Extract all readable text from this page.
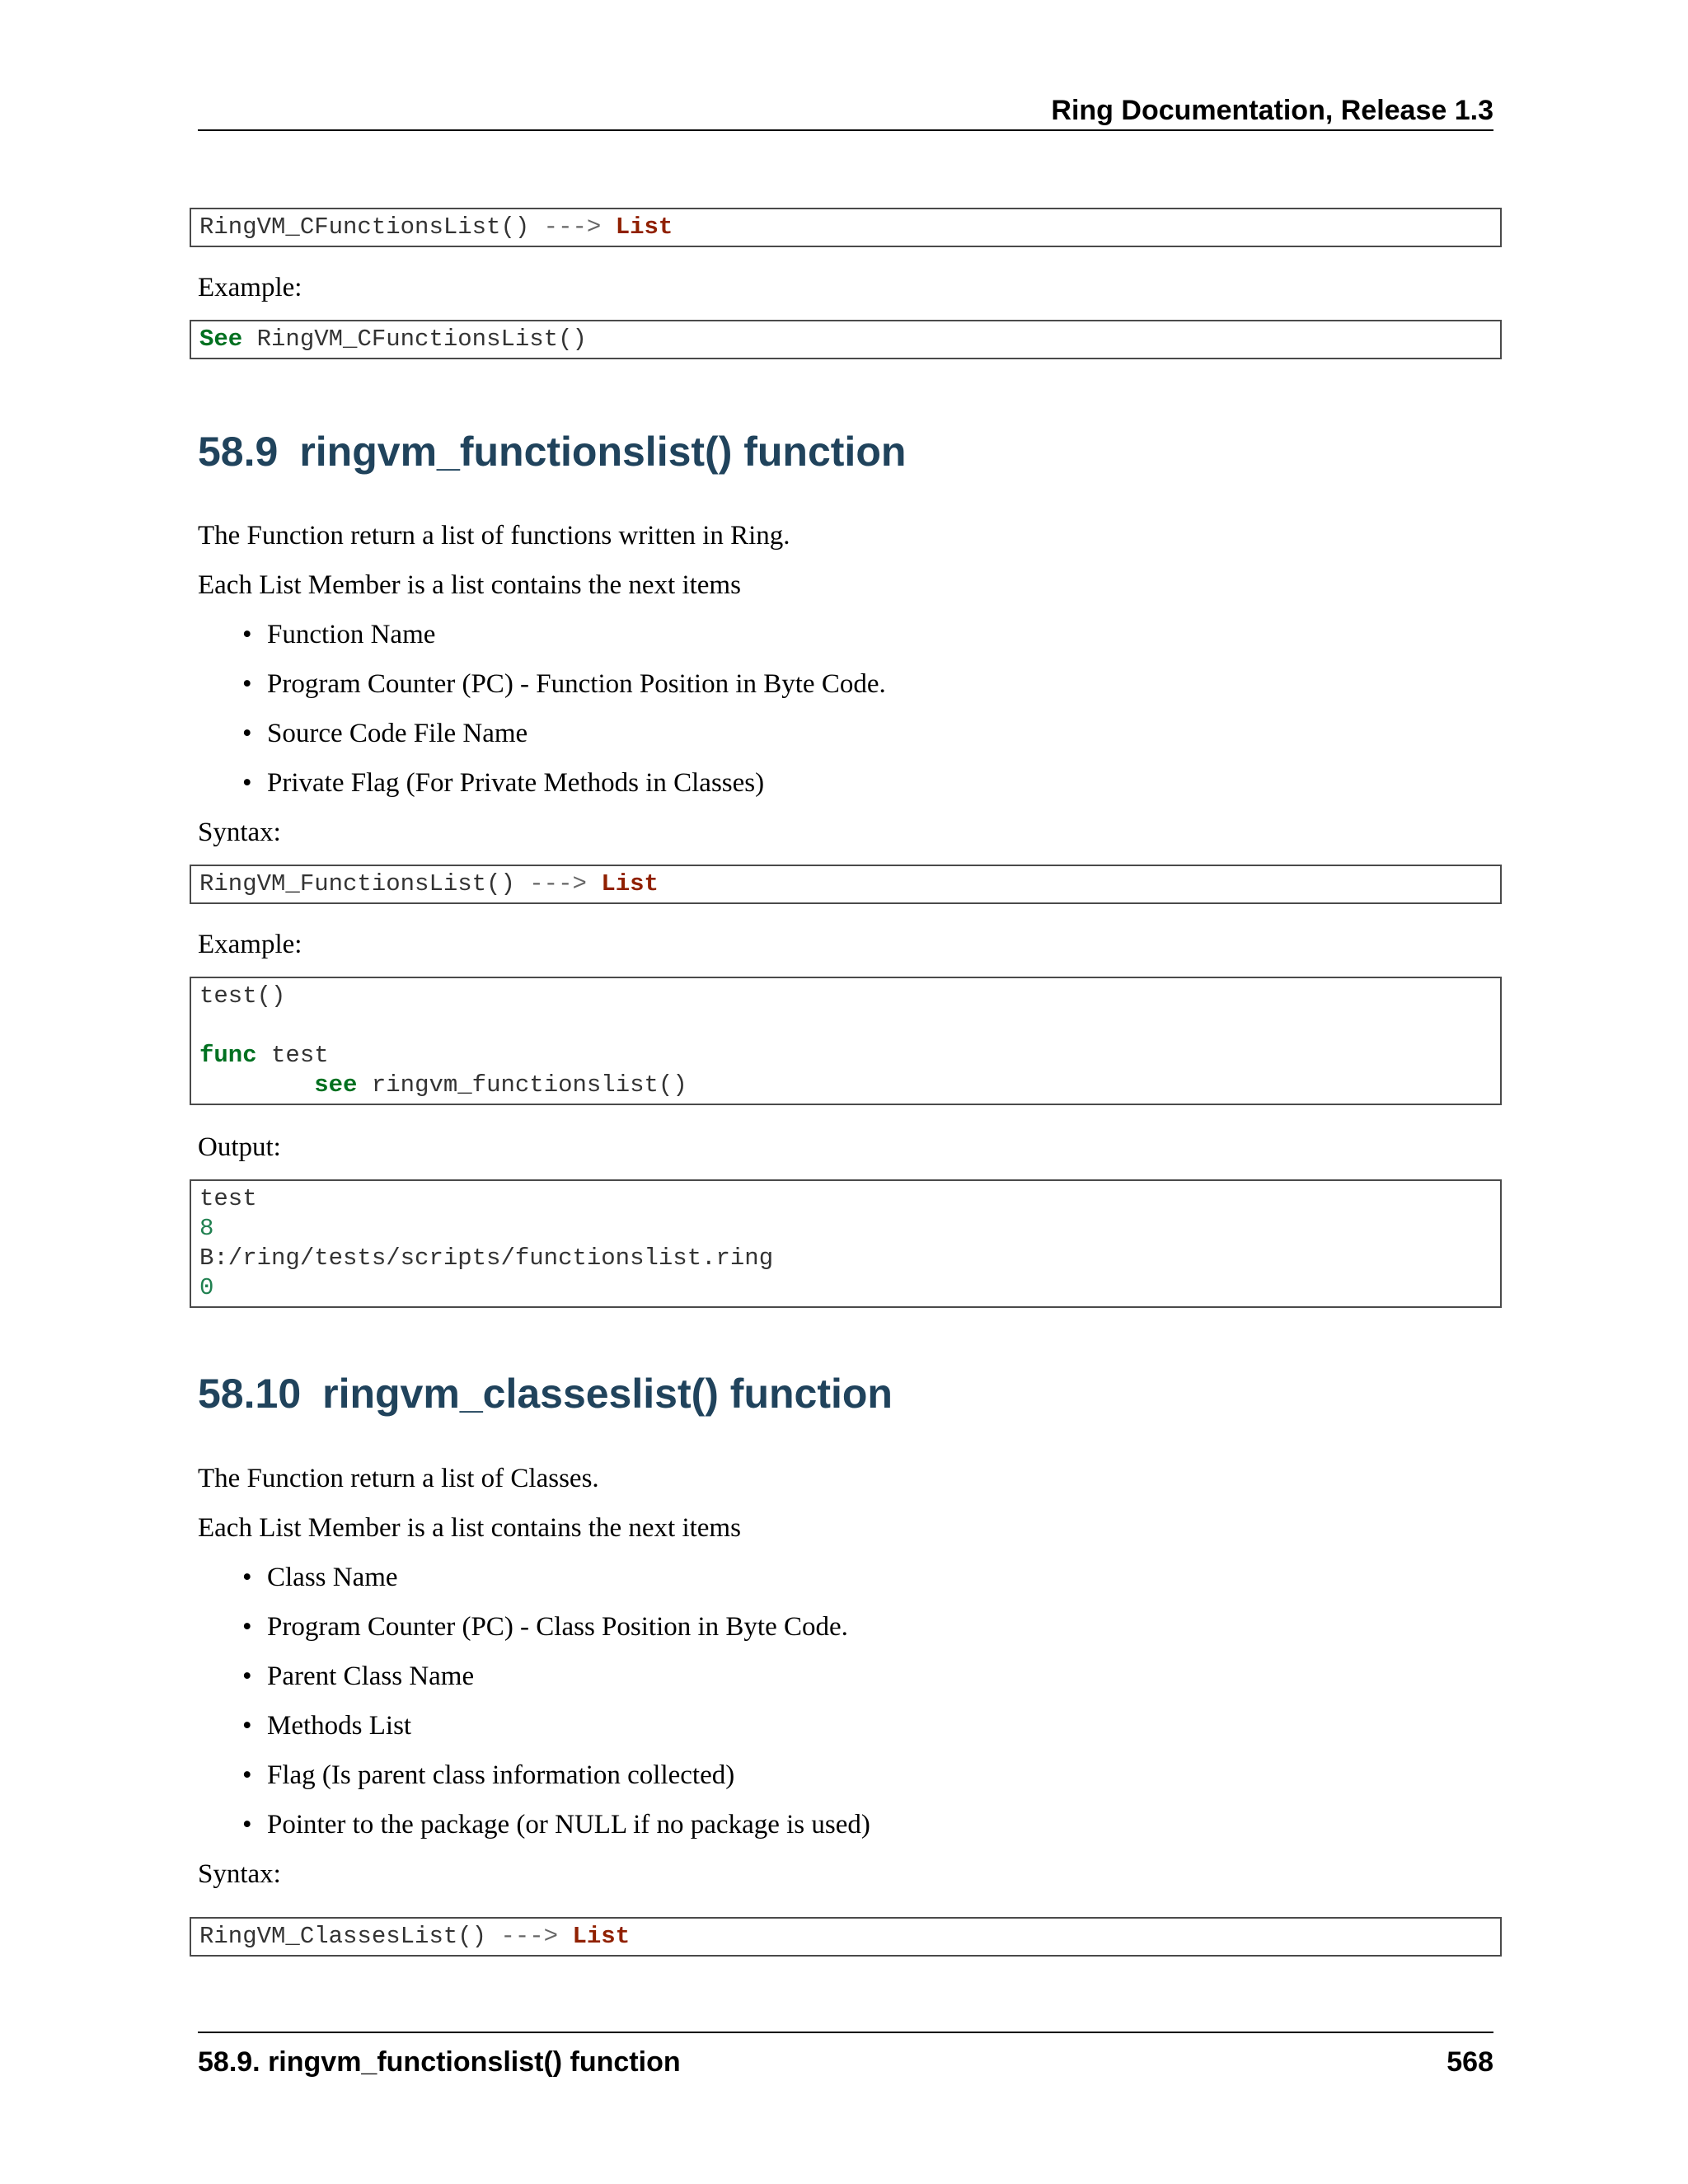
Ring Documentation, Release 1.3
RingVM_CFunctionsList() ---> List
Example:
See RingVM_CFunctionsList()
58.9 ringvm_functionslist() function
The Function return a list of functions written in Ring.
Each List Member is a list contains the next items
• Function Name
• Program Counter (PC) - Function Position in Byte Code.
• Source Code File Name
• Private Flag (For Private Methods in Classes)
Syntax:
RingVM_FunctionsList() ---> List
Example:
test()
func test
see ringvm_functionslist()
Output:
test
8
B:/ring/tests/scripts/functionslist.ring
0
58.10 ringvm_classeslist() function
The Function return a list of Classes.
Each List Member is a list contains the next items
• Class Name
• Program Counter (PC) - Class Position in Byte Code.
• Parent Class Name
• Methods List
• Flag (Is parent class information collected)
• Pointer to the package (or NULL if no package is used)
Syntax:
RingVM_ClassesList() ---> List
58.9. ringvm_functionslist() function	568
